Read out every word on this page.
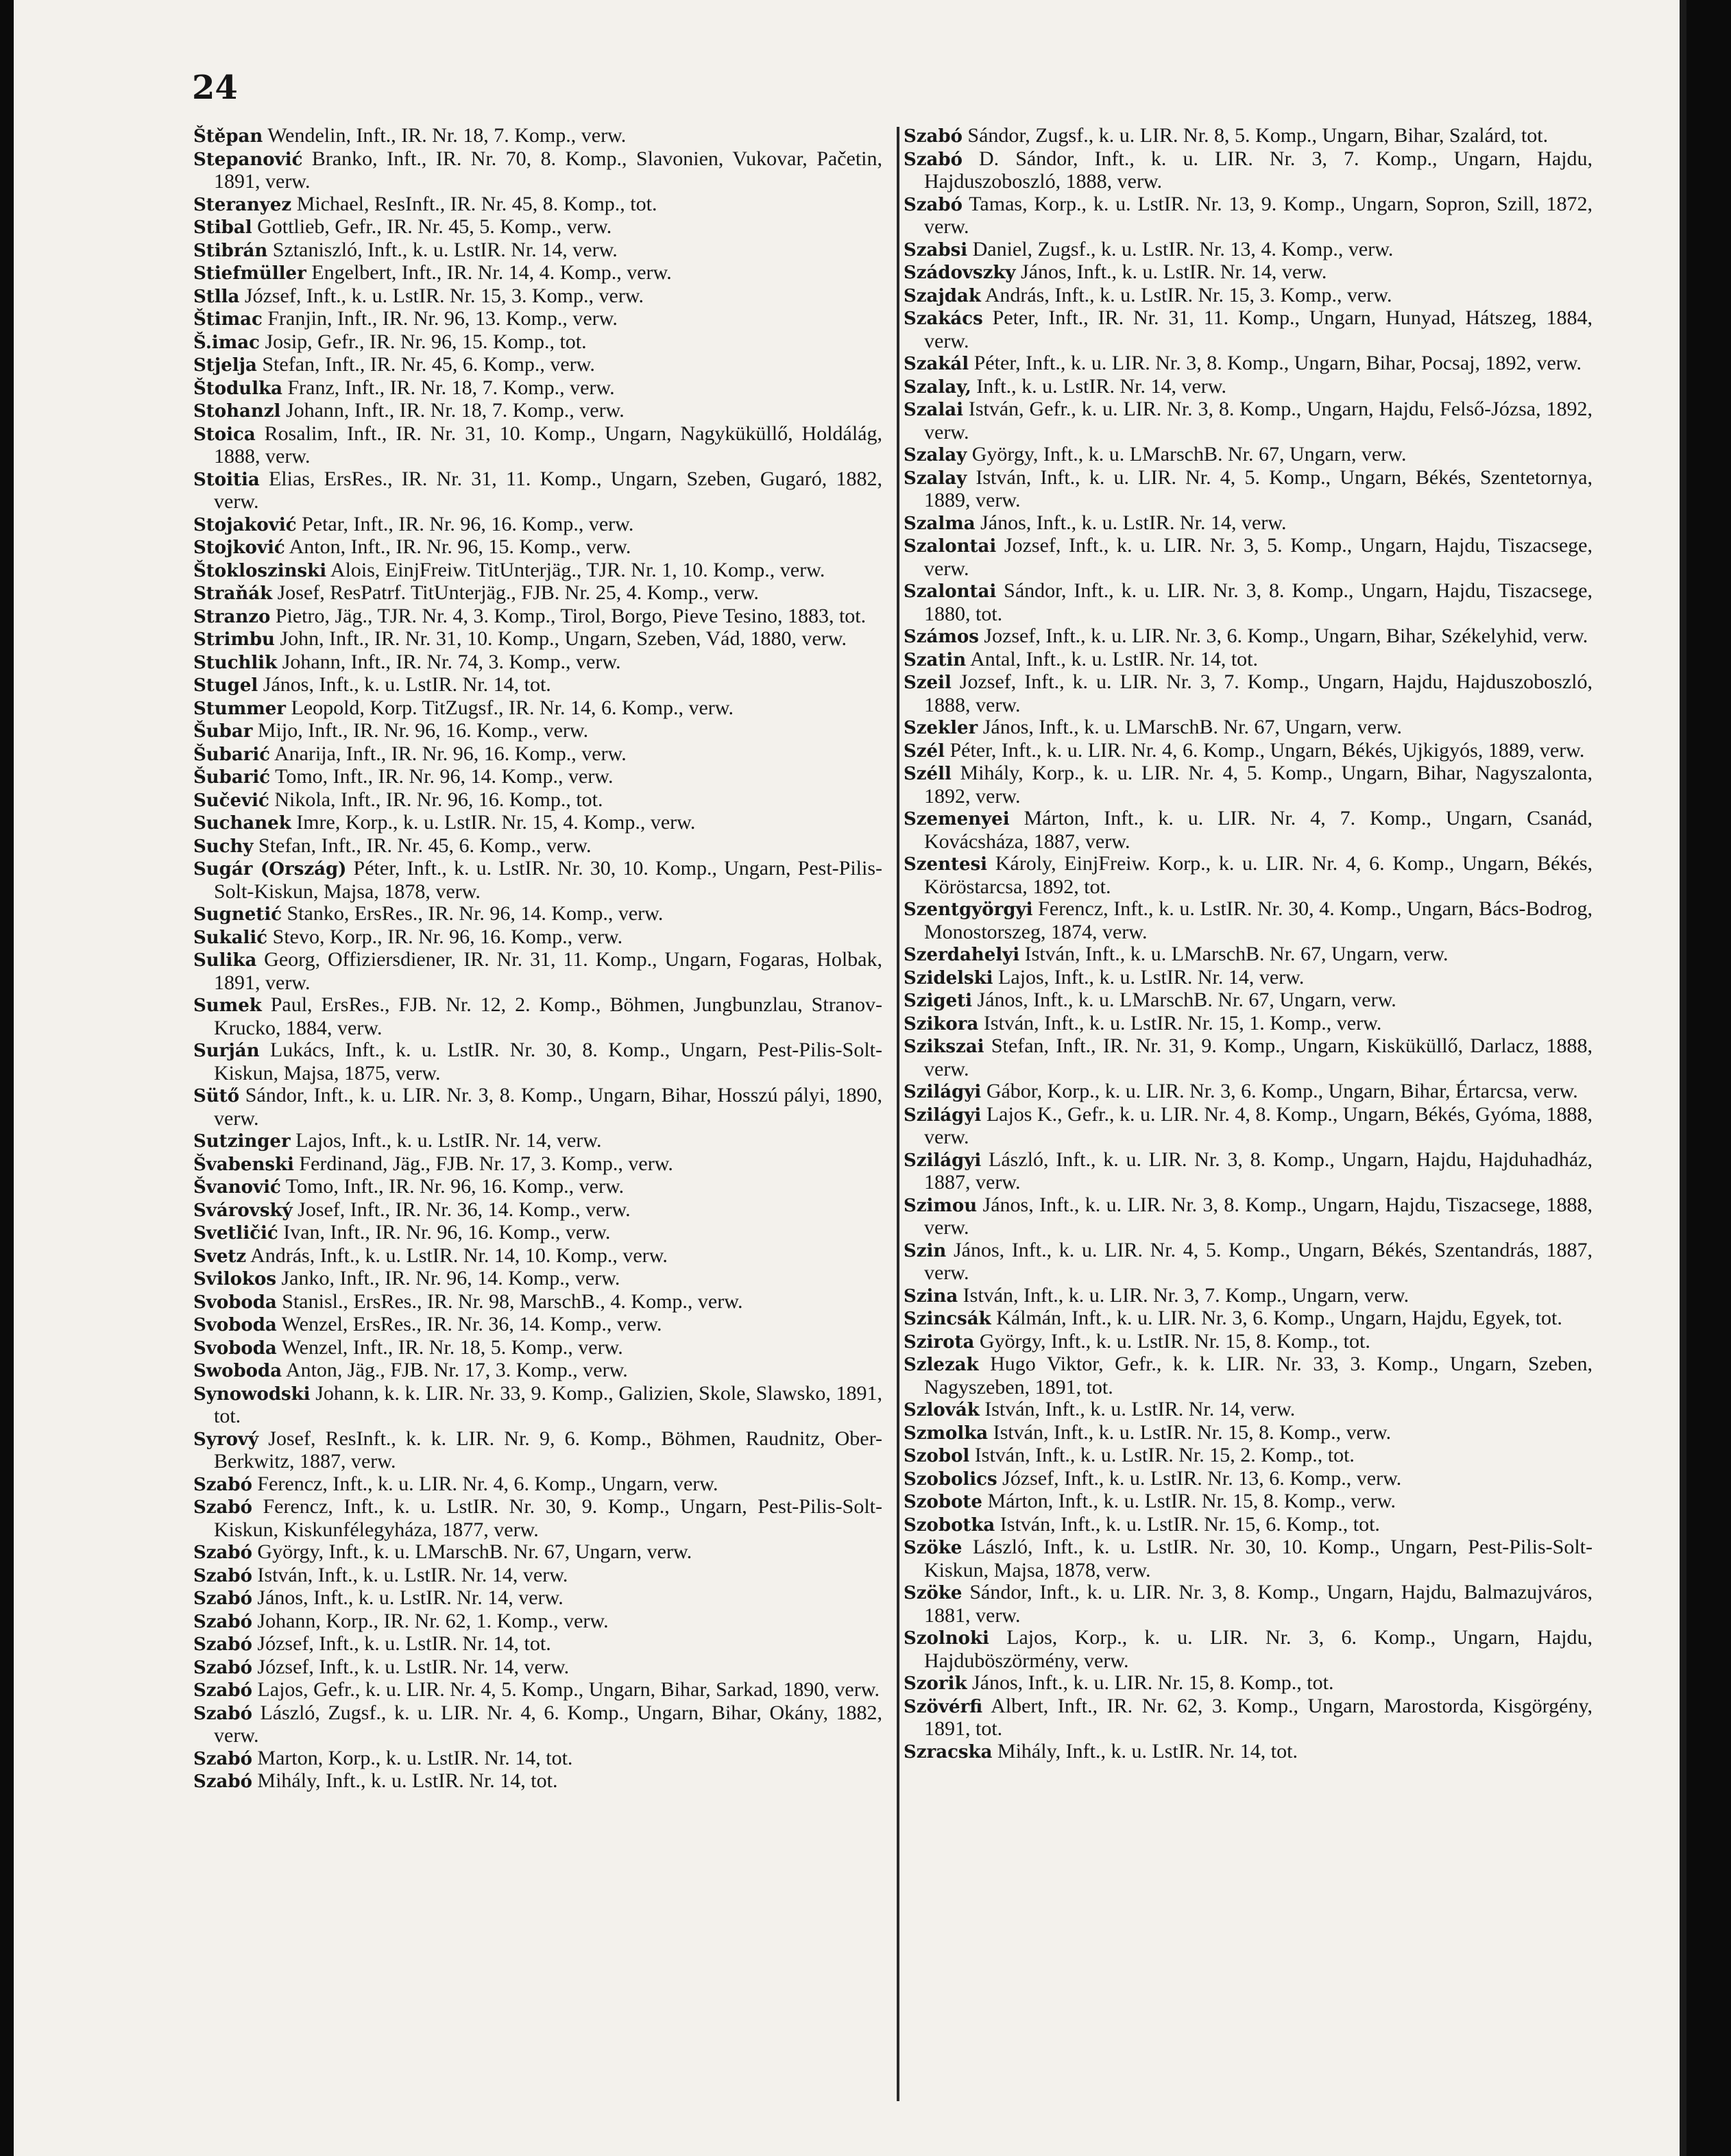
24

Štěpan Wendelin, Inft., IR. Nr. 18, 7. Komp., verw.

Stepanović Branko, Inft., IR. Nr. 70, 8. Komp., Slavonien, Vukovar, Pačetin, 1891, verw.

Steranyez Michael, ResInft., IR. Nr. 45, 8. Komp., tot.

Stibal Gottlieb, Gefr., IR. Nr. 45, 5. Komp., verw.

Stibrán Sztaniszló, Inft., k. u. LstIR. Nr. 14, verw.

Stiefmüller Engelbert, Inft., IR. Nr. 14, 4. Komp., verw.

Stlla József, Inft., k. u. LstIR. Nr. 15, 3. Komp., verw.

Štimac Franjin, Inft., IR. Nr. 96, 13. Komp., verw.

Š.imac Josip, Gefr., IR. Nr. 96, 15. Komp., tot.

Stjelja Stefan, Inft., IR. Nr. 45, 6. Komp., verw.

Štodulka Franz, Inft., IR. Nr. 18, 7. Komp., verw.

Stohanzl Johann, Inft., IR. Nr. 18, 7. Komp., verw.

Stoica Rosalim, Inft., IR. Nr. 31, 10. Komp., Ungarn, Nagyküküllő, Holdálág, 1888, verw.

Stoitia Elias, ErsRes., IR. Nr. 31, 11. Komp., Ungarn, Szeben, Gugaró, 1882, verw.

Stojaković Petar, Inft., IR. Nr. 96, 16. Komp., verw.

Stojković Anton, Inft., IR. Nr. 96, 15. Komp., verw.

Štokloszinski Alois, EinjFreiw. TitUnterjäg., TJR. Nr. 1, 10. Komp., verw.

Straňák Josef, ResPatrf. TitUnterjäg., FJB. Nr. 25, 4. Komp., verw.

Stranzo Pietro, Jäg., TJR. Nr. 4, 3. Komp., Tirol, Borgo, Pieve Tesino, 1883, tot.

Strimbu John, Inft., IR. Nr. 31, 10. Komp., Ungarn, Szeben, Vád, 1880, verw.

Stuchlik Johann, Inft., IR. Nr. 74, 3. Komp., verw.

Stugel János, Inft., k. u. LstIR. Nr. 14, tot.

Stummer Leopold, Korp. TitZugsf., IR. Nr. 14, 6. Komp., verw.

Šubar Mijo, Inft., IR. Nr. 96, 16. Komp., verw.

Šubarić Anarija, Inft., IR. Nr. 96, 16. Komp., verw.

Šubarić Tomo, Inft., IR. Nr. 96, 14. Komp., verw.

Sučević Nikola, Inft., IR. Nr. 96, 16. Komp., tot.

Suchanek Imre, Korp., k. u. LstIR. Nr. 15, 4. Komp., verw.

Suchy Stefan, Inft., IR. Nr. 45, 6. Komp., verw.

Sugár (Ország) Péter, Inft., k. u. LstIR. Nr. 30, 10. Komp., Ungarn, Pest-Pilis-Solt-Kiskun, Majsa, 1878, verw.

Sugnetić Stanko, ErsRes., IR. Nr. 96, 14. Komp., verw.

Sukalić Stevo, Korp., IR. Nr. 96, 16. Komp., verw.

Sulika Georg, Offiziersdiener, IR. Nr. 31, 11. Komp., Ungarn, Fogaras, Holbak, 1891, verw.

Sumek Paul, ErsRes., FJB. Nr. 12, 2. Komp., Böhmen, Jungbunzlau, Stranov-Krucko, 1884, verw.

Surján Lukács, Inft., k. u. LstIR. Nr. 30, 8. Komp., Ungarn, Pest-Pilis-Solt-Kiskun, Majsa, 1875, verw.

Sütő Sándor, Inft., k. u. LIR. Nr. 3, 8. Komp., Ungarn, Bihar, Hosszú pályi, 1890, verw.

Sutzinger Lajos, Inft., k. u. LstIR. Nr. 14, verw.

Švabenski Ferdinand, Jäg., FJB. Nr. 17, 3. Komp., verw.

Švanović Tomo, Inft., IR. Nr. 96, 16. Komp., verw.

Svárovský Josef, Inft., IR. Nr. 36, 14. Komp., verw.

Svetličić Ivan, Inft., IR. Nr. 96, 16. Komp., verw.

Svetz András, Inft., k. u. LstIR. Nr. 14, 10. Komp., verw.

Svilokos Janko, Inft., IR. Nr. 96, 14. Komp., verw.

Svoboda Stanisl., ErsRes., IR. Nr. 98, MarschB., 4. Komp., verw.

Svoboda Wenzel, ErsRes., IR. Nr. 36, 14. Komp., verw.

Svoboda Wenzel, Inft., IR. Nr. 18, 5. Komp., verw.

Swoboda Anton, Jäg., FJB. Nr. 17, 3. Komp., verw.

Synowodski Johann, k. k. LIR. Nr. 33, 9. Komp., Galizien, Skole, Slawsko, 1891, tot.

Syrový Josef, ResInft., k. k. LIR. Nr. 9, 6. Komp., Böhmen, Raudnitz, Ober-Berkwitz, 1887, verw.

Szabó Ferencz, Inft., k. u. LIR. Nr. 4, 6. Komp., Ungarn, verw.

Szabó Ferencz, Inft., k. u. LstIR. Nr. 30, 9. Komp., Ungarn, Pest-Pilis-Solt-Kiskun, Kiskunfélegyháza, 1877, verw.

Szabó György, Inft., k. u. LMarschB. Nr. 67, Ungarn, verw.

Szabó István, Inft., k. u. LstIR. Nr. 14, verw.

Szabó János, Inft., k. u. LstIR. Nr. 14, verw.

Szabó Johann, Korp., IR. Nr. 62, 1. Komp., verw.

Szabó József, Inft., k. u. LstIR. Nr. 14, tot.

Szabó József, Inft., k. u. LstIR. Nr. 14, verw.

Szabó Lajos, Gefr., k. u. LIR. Nr. 4, 5. Komp., Ungarn, Bihar, Sarkad, 1890, verw.

Szabó László, Zugsf., k. u. LIR. Nr. 4, 6. Komp., Ungarn, Bihar, Okány, 1882, verw.

Szabó Marton, Korp., k. u. LstIR. Nr. 14, tot.

Szabó Mihály, Inft., k. u. LstIR. Nr. 14, tot.

Szabó Sándor, Zugsf., k. u. LIR. Nr. 8, 5. Komp., Ungarn, Bihar, Szalárd, tot.

Szabó D. Sándor, Inft., k. u. LIR. Nr. 3, 7. Komp., Ungarn, Hajdu, Hajduszoboszló, 1888, verw.

Szabó Tamas, Korp., k. u. LstIR. Nr. 13, 9. Komp., Ungarn, Sopron, Szill, 1872, verw.

Szabsi Daniel, Zugsf., k. u. LstIR. Nr. 13, 4. Komp., verw.

Szádovszky János, Inft., k. u. LstIR. Nr. 14, verw.

Szajdak András, Inft., k. u. LstIR. Nr. 15, 3. Komp., verw.

Szakács Peter, Inft., IR. Nr. 31, 11. Komp., Ungarn, Hunyad, Hátszeg, 1884, verw.

Szakál Péter, Inft., k. u. LIR. Nr. 3, 8. Komp., Ungarn, Bihar, Pocsaj, 1892, verw.

Szalay, Inft., k. u. LstIR. Nr. 14, verw.

Szalai István, Gefr., k. u. LIR. Nr. 3, 8. Komp., Ungarn, Hajdu, Felső-Józsa, 1892, verw.

Szalay György, Inft., k. u. LMarschB. Nr. 67, Ungarn, verw.

Szalay István, Inft., k. u. LIR. Nr. 4, 5. Komp., Ungarn, Békés, Szentetornya, 1889, verw.

Szalma János, Inft., k. u. LstIR. Nr. 14, verw.

Szalontai Jozsef, Inft., k. u. LIR. Nr. 3, 5. Komp., Ungarn, Hajdu, Tiszacsege, verw.

Szalontai Sándor, Inft., k. u. LIR. Nr. 3, 8. Komp., Ungarn, Hajdu, Tiszacsege, 1880, tot.

Számos Jozsef, Inft., k. u. LIR. Nr. 3, 6. Komp., Ungarn, Bihar, Székelyhid, verw.

Szatin Antal, Inft., k. u. LstIR. Nr. 14, tot.

Szeil Jozsef, Inft., k. u. LIR. Nr. 3, 7. Komp., Ungarn, Hajdu, Hajduszoboszló, 1888, verw.

Szekler János, Inft., k. u. LMarschB. Nr. 67, Ungarn, verw.

Szél Péter, Inft., k. u. LIR. Nr. 4, 6. Komp., Ungarn, Békés, Ujkigyós, 1889, verw.

Széll Mihály, Korp., k. u. LIR. Nr. 4, 5. Komp., Ungarn, Bihar, Nagyszalonta, 1892, verw.

Szemenyei Márton, Inft., k. u. LIR. Nr. 4, 7. Komp., Ungarn, Csanád, Kovácsháza, 1887, verw.

Szentesi Károly, EinjFreiw. Korp., k. u. LIR. Nr. 4, 6. Komp., Ungarn, Békés, Köröstarcsa, 1892, tot.

Szentgyörgyi Ferencz, Inft., k. u. LstIR. Nr. 30, 4. Komp., Ungarn, Bács-Bodrog, Monostorszeg, 1874, verw.

Szerdahelyi István, Inft., k. u. LMarschB. Nr. 67, Ungarn, verw.

Szidelski Lajos, Inft., k. u. LstIR. Nr. 14, verw.

Szigeti János, Inft., k. u. LMarschB. Nr. 67, Ungarn, verw.

Szikora István, Inft., k. u. LstIR. Nr. 15, 1. Komp., verw.

Szikszai Stefan, Inft., IR. Nr. 31, 9. Komp., Ungarn, Kisküküllő, Darlacz, 1888, verw.

Szilágyi Gábor, Korp., k. u. LIR. Nr. 3, 6. Komp., Ungarn, Bihar, Értarcsa, verw.

Szilágyi Lajos K., Gefr., k. u. LIR. Nr. 4, 8. Komp., Ungarn, Békés, Gyóma, 1888, verw.

Szilágyi László, Inft., k. u. LIR. Nr. 3, 8. Komp., Ungarn, Hajdu, Hajduhadház, 1887, verw.

Szimou János, Inft., k. u. LIR. Nr. 3, 8. Komp., Ungarn, Hajdu, Tiszacsege, 1888, verw.

Szin János, Inft., k. u. LIR. Nr. 4, 5. Komp., Ungarn, Békés, Szentandrás, 1887, verw.

Szina István, Inft., k. u. LIR. Nr. 3, 7. Komp., Ungarn, verw.

Szincsák Kálmán, Inft., k. u. LIR. Nr. 3, 6. Komp., Ungarn, Hajdu, Egyek, tot.

Szirota György, Inft., k. u. LstIR. Nr. 15, 8. Komp., tot.

Szlezak Hugo Viktor, Gefr., k. k. LIR. Nr. 33, 3. Komp., Ungarn, Szeben, Nagyszeben, 1891, tot.

Szlovák István, Inft., k. u. LstIR. Nr. 14, verw.

Szmolka István, Inft., k. u. LstIR. Nr. 15, 8. Komp., verw.

Szobol István, Inft., k. u. LstIR. Nr. 15, 2. Komp., tot.

Szobolics József, Inft., k. u. LstIR. Nr. 13, 6. Komp., verw.

Szobote Márton, Inft., k. u. LstIR. Nr. 15, 8. Komp., verw.

Szobotka István, Inft., k. u. LstIR. Nr. 15, 6. Komp., tot.

Szöke László, Inft., k. u. LstIR. Nr. 30, 10. Komp., Ungarn, Pest-Pilis-Solt-Kiskun, Majsa, 1878, verw.

Szöke Sándor, Inft., k. u. LIR. Nr. 3, 8. Komp., Ungarn, Hajdu, Balmazujváros, 1881, verw.

Szolnoki Lajos, Korp., k. u. LIR. Nr. 3, 6. Komp., Ungarn, Hajdu, Hajduböszörmény, verw.

Szorik János, Inft., k. u. LIR. Nr. 15, 8. Komp., tot.

Szövérfi Albert, Inft., IR. Nr. 62, 3. Komp., Ungarn, Marostorda, Kisgörgény, 1891, tot.

Szracska Mihály, Inft., k. u. LstIR. Nr. 14, tot.
